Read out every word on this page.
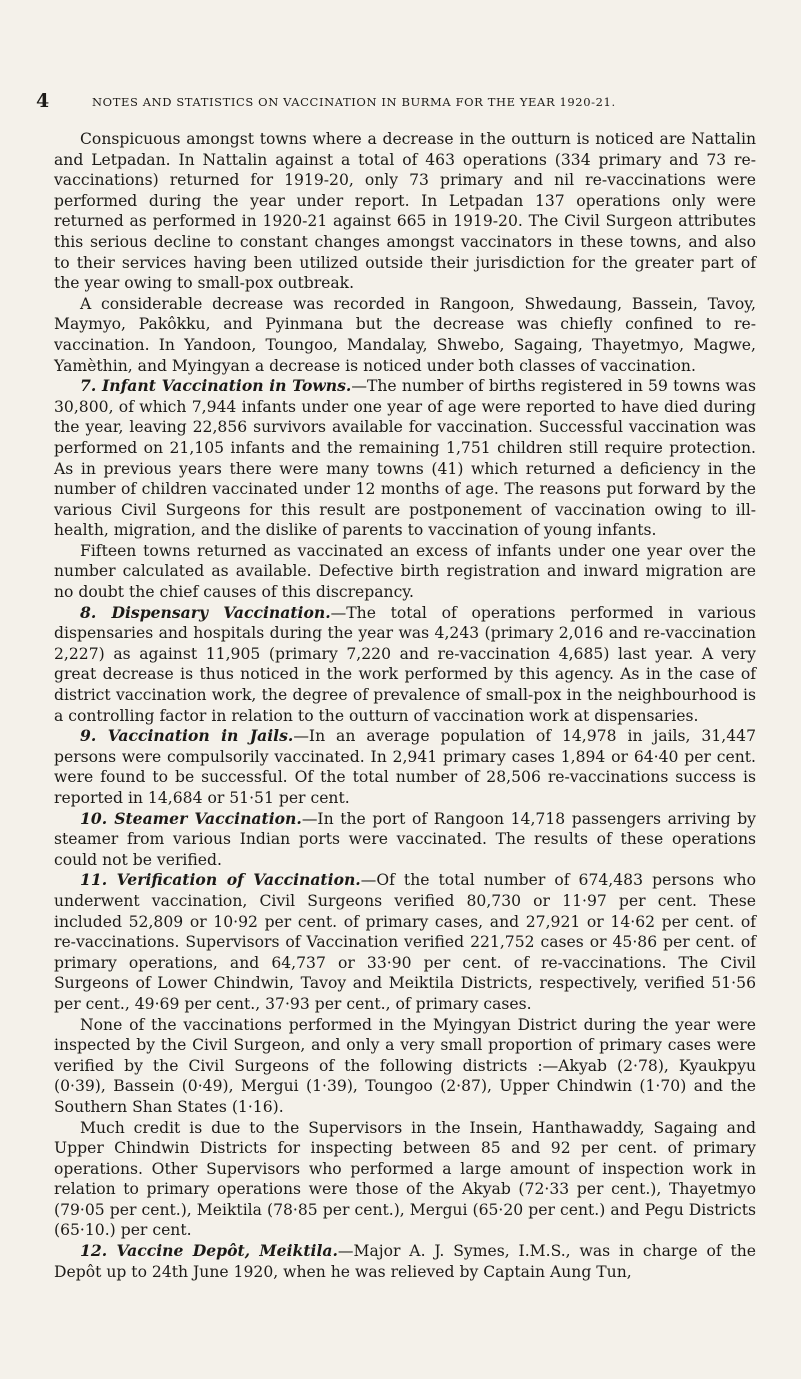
4	NOTES AND STATISTICS ON VACCINATION IN BURMA FOR THE YEAR 1920-21.

Conspicuous amongst towns where a decrease in the outturn is noticed are Nattalin and Letpadan. In Nattalin against a total of 463 operations (334 primary and 73 re-vaccinations) returned for 1919-20, only 73 primary and nil re-vaccinations were performed during the year under report. In Letpadan 137 operations only were returned as performed in 1920-21 against 665 in 1919-20. The Civil Surgeon attributes this serious decline to constant changes amongst vaccinators in these towns, and also to their services having been utilized outside their jurisdiction for the greater part of the year owing to small-pox outbreak.

A considerable decrease was recorded in Rangoon, Shwedaung, Bassein, Tavoy, Maymyo, Pakôkku, and Pyinmana but the decrease was chiefly confined to re-vaccination. In Yandoon, Toungoo, Mandalay, Shwebo, Sagaing, Thayetmyo, Magwe, Yamèthin, and Myingyan a decrease is noticed under both classes of vaccination.

7. Infant Vaccination in Towns.—The number of births registered in 59 towns was 30,800, of which 7,944 infants under one year of age were reported to have died during the year, leaving 22,856 survivors available for vaccination. Successful vaccination was performed on 21,105 infants and the remaining 1,751 children still require protection. As in previous years there were many towns (41) which returned a deficiency in the number of children vaccinated under 12 months of age. The reasons put forward by the various Civil Surgeons for this result are postponement of vaccination owing to ill-health, migration, and the dislike of parents to vaccination of young infants.

Fifteen towns returned as vaccinated an excess of infants under one year over the number calculated as available. Defective birth registration and inward migration are no doubt the chief causes of this discrepancy.

8. Dispensary Vaccination.—The total of operations performed in various dispensaries and hospitals during the year was 4,243 (primary 2,016 and re-vaccination 2,227) as against 11,905 (primary 7,220 and re-vaccination 4,685) last year. A very great decrease is thus noticed in the work performed by this agency. As in the case of district vaccination work, the degree of prevalence of small-pox in the neighbourhood is a controlling factor in relation to the outturn of vaccination work at dispensaries.

9. Vaccination in Jails.—In an average population of 14,978 in jails, 31,447 persons were compulsorily vaccinated. In 2,941 primary cases 1,894 or 64·40 per cent. were found to be successful. Of the total number of 28,506 re-vaccinations success is reported in 14,684 or 51·51 per cent.

10. Steamer Vaccination.—In the port of Rangoon 14,718 passengers arriving by steamer from various Indian ports were vaccinated. The results of these operations could not be verified.

11. Verification of Vaccination.—Of the total number of 674,483 persons who underwent vaccination, Civil Surgeons verified 80,730 or 11·97 per cent. These included 52,809 or 10·92 per cent. of primary cases, and 27,921 or 14·62 per cent. of re-vaccinations. Supervisors of Vaccination verified 221,752 cases or 45·86 per cent. of primary operations, and 64,737 or 33·90 per cent. of re-vaccinations. The Civil Surgeons of Lower Chindwin, Tavoy and Meiktila Districts, respectively, verified 51·56 per cent., 49·69 per cent., 37·93 per cent., of primary cases.

None of the vaccinations performed in the Myingyan District during the year were inspected by the Civil Surgeon, and only a very small proportion of primary cases were verified by the Civil Surgeons of the following districts :—Akyab (2·78), Kyaukpyu (0·39), Bassein (0·49), Mergui (1·39), Toungoo (2·87), Upper Chindwin (1·70) and the Southern Shan States (1·16).

Much credit is due to the Supervisors in the Insein, Hanthawaddy, Sagaing and Upper Chindwin Districts for inspecting between 85 and 92 per cent. of primary operations. Other Supervisors who performed a large amount of inspection work in relation to primary operations were those of the Akyab (72·33 per cent.), Thayetmyo (79·05 per cent.), Meiktila (78·85 per cent.), Mergui (65·20 per cent.) and Pegu Districts (65·10.) per cent.

12. Vaccine Depôt, Meiktila.—Major A. J. Symes, I.M.S., was in charge of the Depôt up to 24th June 1920, when he was relieved by Captain Aung Tun,
